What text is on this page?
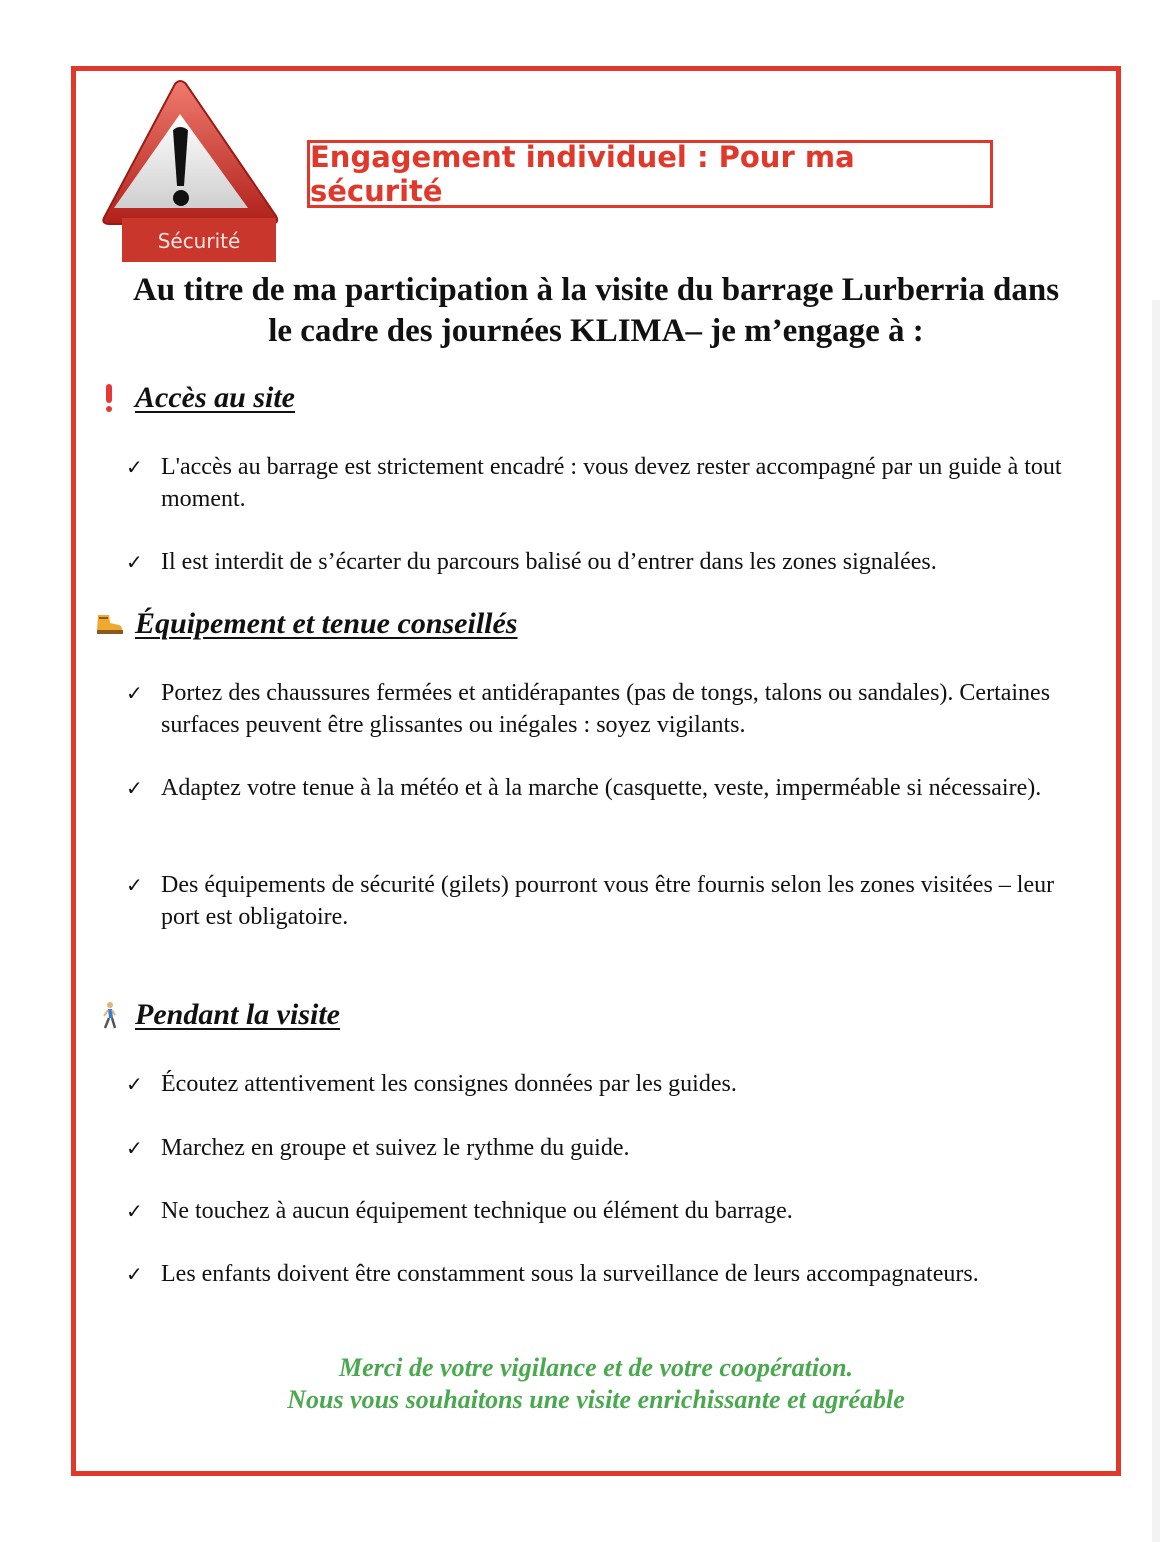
Sécurité
Engagement individuel : Pour ma sécurité
Au titre de ma participation à la visite du barrage Lurberria dans
le cadre des journées KLIMA– je m’engage à :
Accès au site
✓ L'accès au barrage est strictement encadré : vous devez rester accompagné par un guide à tout moment.
✓ Il est interdit de s’écarter du parcours balisé ou d’entrer dans les zones signalées.
Équipement et tenue conseillés
✓ Portez des chaussures fermées et antidérapantes (pas de tongs, talons ou sandales). Certaines surfaces peuvent être glissantes ou inégales : soyez vigilants.
✓ Adaptez votre tenue à la météo et à la marche (casquette, veste, imperméable si nécessaire).
✓ Des équipements de sécurité (gilets) pourront vous être fournis selon les zones visitées – leur port est obligatoire.
Pendant la visite
✓ Écoutez attentivement les consignes données par les guides.
✓ Marchez en groupe et suivez le rythme du guide.
✓ Ne touchez à aucun équipement technique ou élément du barrage.
✓ Les enfants doivent être constamment sous la surveillance de leurs accompagnateurs.
Merci de votre vigilance et de votre coopération.
Nous vous souhaitons une visite enrichissante et agréable
